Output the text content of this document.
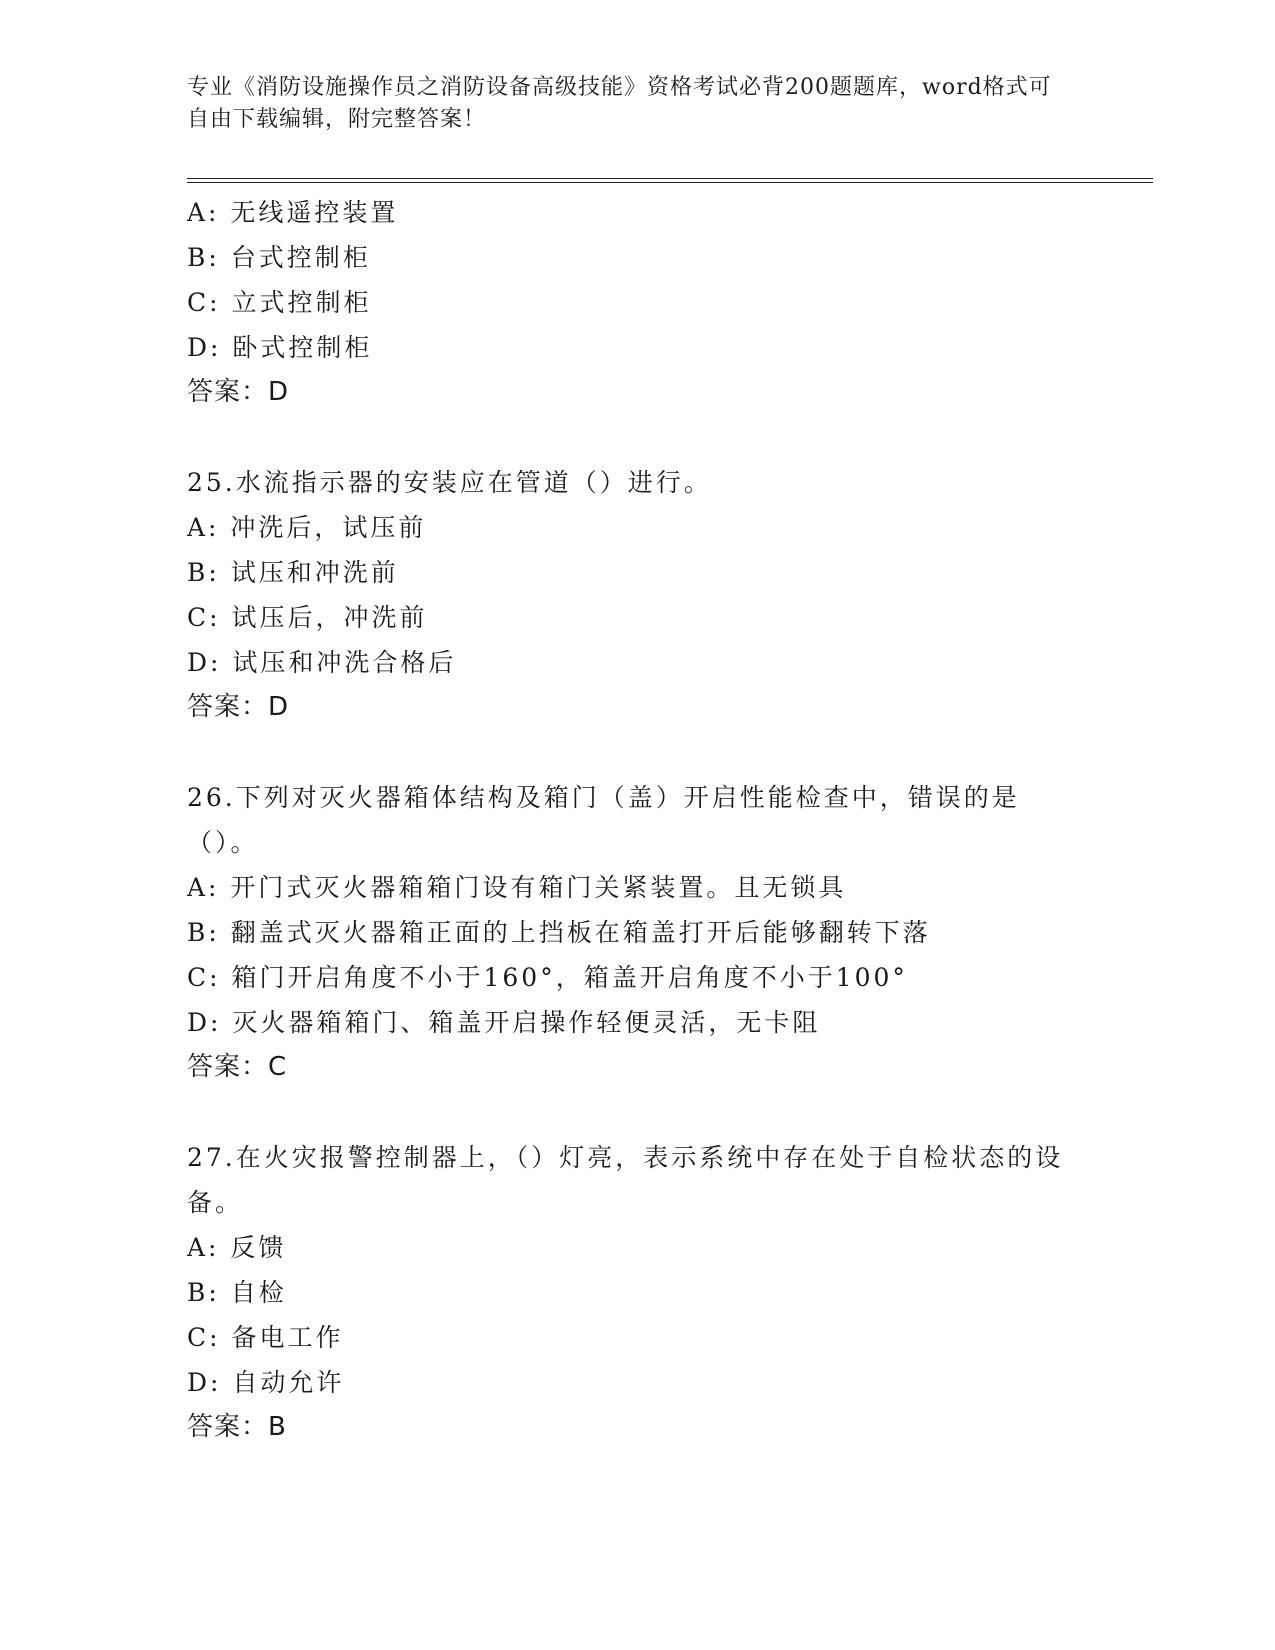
专业《消防设施操作员之消防设备高级技能》资格考试必背200题题库，word格式可自由下载编辑，附完整答案！
A: 无线遥控装置
B: 台式控制柜
C: 立式控制柜
D: 卧式控制柜
答案：D
25.水流指示器的安装应在管道（）进行。
A: 冲洗后，试压前
B: 试压和冲洗前
C: 试压后，冲洗前
D: 试压和冲洗合格后
答案：D
26.下列对灭火器箱体结构及箱门（盖）开启性能检查中，错误的是（）。
A: 开门式灭火器箱箱门设有箱门关紧装置。且无锁具
B: 翻盖式灭火器箱正面的上挡板在箱盖打开后能够翻转下落
C: 箱门开启角度不小于160°，箱盖开启角度不小于100°
D: 灭火器箱箱门、箱盖开启操作轻便灵活，无卡阻
答案：C
27.在火灾报警控制器上，（）灯亮，表示系统中存在处于自检状态的设备。
A: 反馈
B: 自检
C: 备电工作
D: 自动允许
答案：B
